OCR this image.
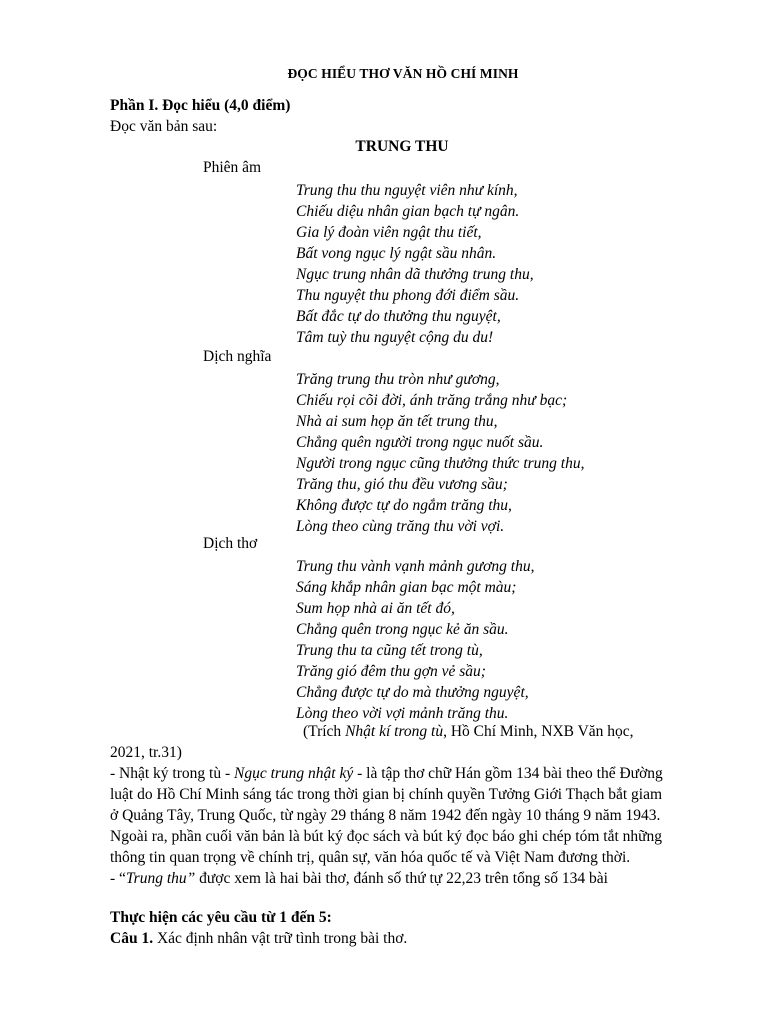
ĐỌC HIỂU THƠ VĂN HỒ CHÍ MINH
Phần I. Đọc hiểu (4,0 điểm)
Đọc văn bản sau:
TRUNG THU
Phiên âm
Trung thu thu nguyệt viên như kính,
Chiếu diệu nhân gian bạch tự ngân.
Gia lý đoàn viên ngật thu tiết,
Bất vong ngục lý ngật sầu nhân.
Ngục trung nhân dã thưởng trung thu,
Thu nguyệt thu phong đới điểm sầu.
Bất đắc tự do thưởng thu nguyệt,
Tâm tuỳ thu nguyệt cộng du du!
Dịch nghĩa
Trăng trung thu tròn như gương,
Chiếu rọi cõi đời, ánh trăng trắng như bạc;
Nhà ai sum họp ăn tết trung thu,
Chẳng quên người trong ngục nuốt sầu.
Người trong ngục cũng thưởng thức trung thu,
Trăng thu, gió thu đều vương sầu;
Không được tự do ngắm trăng thu,
Lòng theo cùng trăng thu vời vợi.
Dịch thơ
Trung thu vành vạnh mảnh gương thu,
Sáng khắp nhân gian bạc một màu;
Sum họp nhà ai ăn tết đó,
Chẳng quên trong ngục kẻ ăn sầu.
Trung thu ta cũng tết trong tù,
Trăng gió đêm thu gợn vẻ sầu;
Chẳng được tự do mà thưởng nguyệt,
Lòng theo vời vợi mảnh trăng thu.
(Trích Nhật kí trong tù, Hồ Chí Minh, NXB Văn học,
2021, tr.31)

- Nhật ký trong tù - Ngục trung nhật ký - là tập thơ chữ Hán gồm 134 bài theo thể Đường luật do Hồ Chí Minh sáng tác trong thời gian bị chính quyền Tưởng Giới Thạch bắt giam ở Quảng Tây, Trung Quốc, từ ngày 29 tháng 8 năm 1942 đến ngày 10 tháng 9 năm 1943. Ngoài ra, phần cuối văn bản là bút ký đọc sách và bút ký đọc báo ghi chép tóm tắt những thông tin quan trọng về chính trị, quân sự, văn hóa quốc tế và Việt Nam đương thời.

- “Trung thu” được xem là hai bài thơ, đánh số thứ tự 22,23 trên tổng số 134 bài

Thực hiện các yêu cầu từ 1 đến 5:
Câu 1. Xác định nhân vật trữ tình trong bài thơ.
